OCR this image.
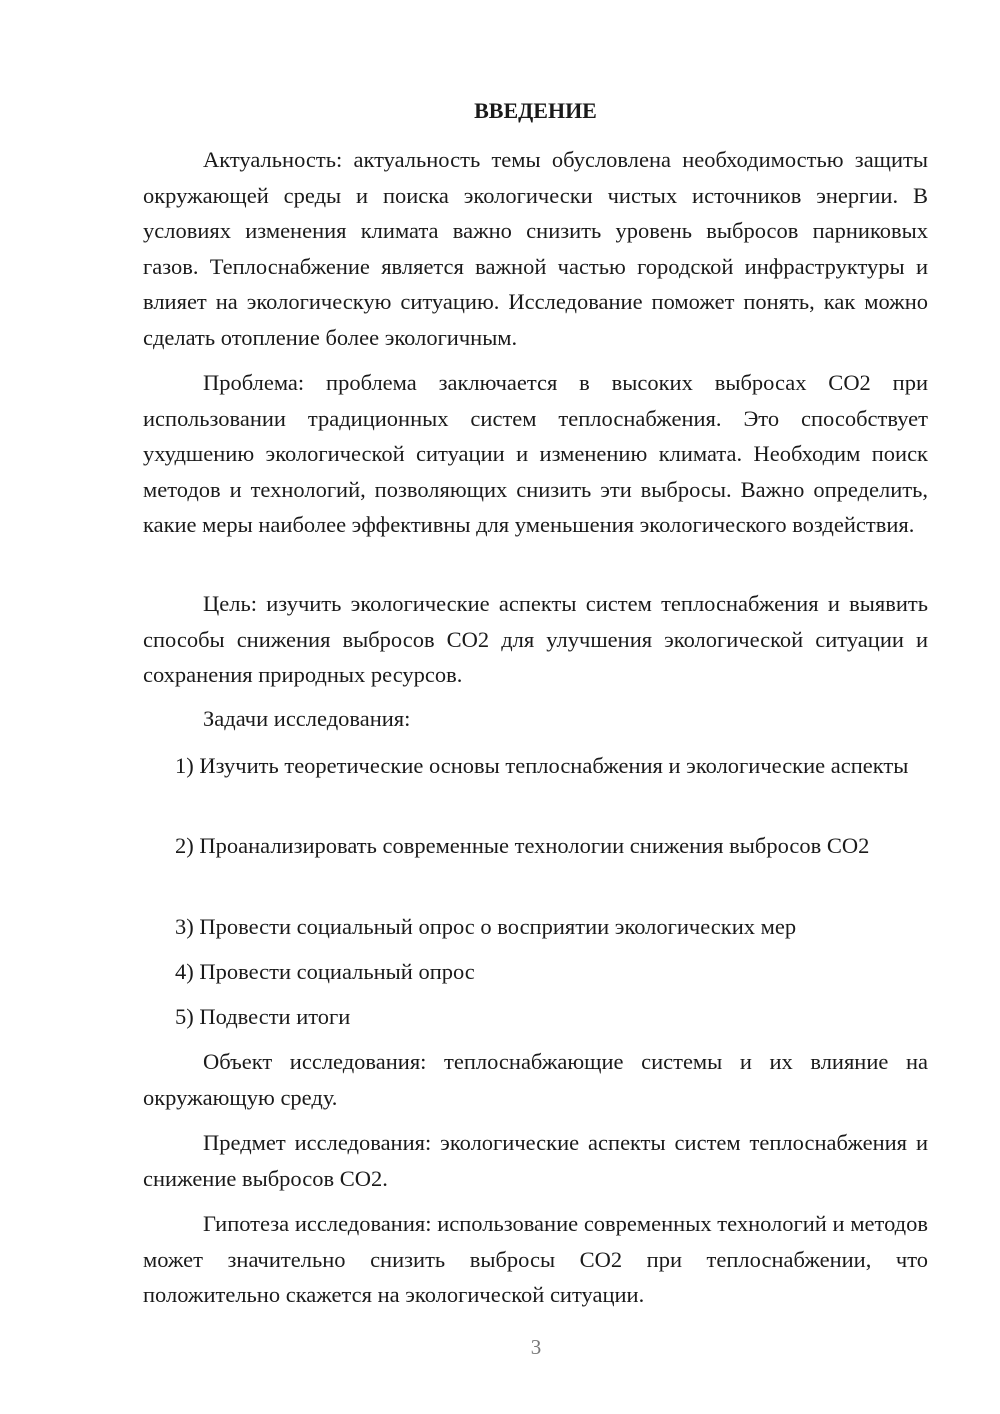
ВВЕДЕНИЕ

Актуальность: актуальность темы обусловлена необходимостью защиты окружающей среды и поиска экологически чистых источников энергии. В условиях изменения климата важно снизить уровень выбросов парниковых газов. Теплоснабжение является важной частью городской инфраструктуры и влияет на экологическую ситуацию. Исследование поможет понять, как можно сделать отопление более экологичным.

Проблема: проблема заключается в высоких выбросах CO2 при использовании традиционных систем теплоснабжения. Это способствует ухудшению экологической ситуации и изменению климата. Необходим поиск методов и технологий, позволяющих снизить эти выбросы. Важно определить, какие меры наиболее эффективны для уменьшения экологического воздействия.

Цель: изучить экологические аспекты систем теплоснабжения и выявить способы снижения выбросов CO2 для улучшения экологической ситуации и сохранения природных ресурсов.

Задачи исследования:

1) Изучить теоретические основы теплоснабжения и экологические аспекты

2) Проанализировать современные технологии снижения выбросов CO2

3) Провести социальный опрос о восприятии экологических мер

4) Провести социальный опрос

5) Подвести итоги

Объект исследования: теплоснабжающие системы и их влияние на окружающую среду.

Предмет исследования: экологические аспекты систем теплоснабжения и снижение выбросов CO2.

Гипотеза исследования: использование современных технологий и методов может значительно снизить выбросы CO2 при теплоснабжении, что положительно скажется на экологической ситуации.

3
